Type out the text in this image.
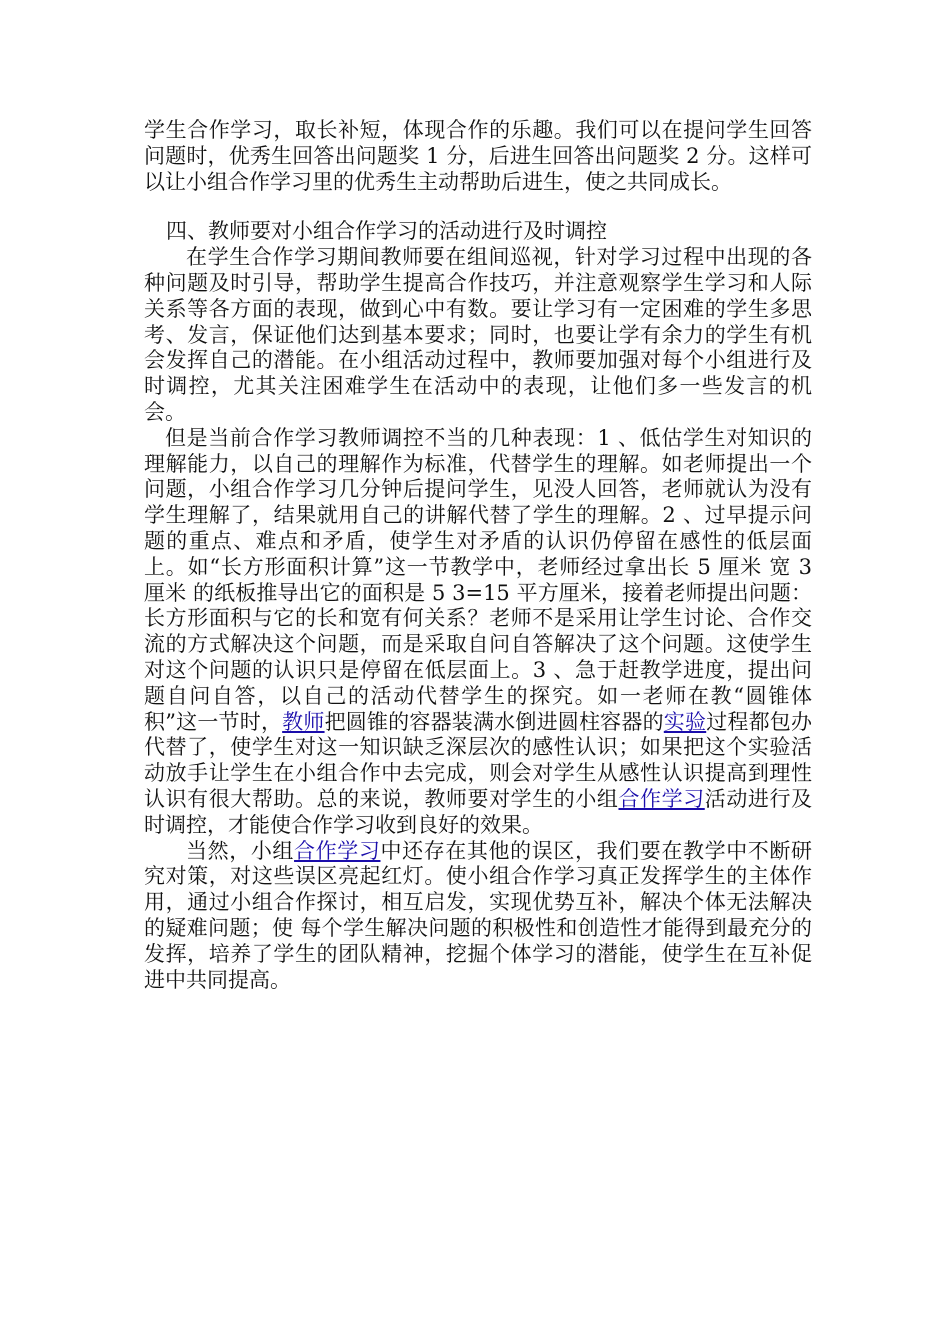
学生合作学习，取长补短，体现合作的乐趣。我们可以在提问学生回答问题时，优秀生回答出问题奖 1 分，后进生回答出问题奖 2 分。这样可以让小组合作学习里的优秀生主动帮助后进生，使之共同成长。

四、教师要对小组合作学习的活动进行及时调控

在学生合作学习期间教师要在组间巡视，针对学习过程中出现的各种问题及时引导，帮助学生提高合作技巧，并注意观察学生学习和人际关系等各方面的表现，做到心中有数。要让学习有一定困难的学生多思考、发言，保证他们达到基本要求；同时，也要让学有余力的学生有机会发挥自己的潜能。在小组活动过程中，教师要加强对每个小组进行及时调控，尤其关注困难学生在活动中的表现，让他们多一些发言的机会。

但是当前合作学习教师调控不当的几种表现：1 、低估学生对知识的理解能力，以自己的理解作为标准，代替学生的理解。如老师提出一个问题，小组合作学习几分钟后提问学生，见没人回答，老师就认为没有学生理解了，结果就用自己的讲解代替了学生的理解。2 、过早提示问题的重点、难点和矛盾，使学生对矛盾的认识仍停留在感性的低层面上。如“长方形面积计算”这一节教学中，老师经过拿出长 5 厘米 宽 3 厘米 的纸板推导出它的面积是 5 3=15 平方厘米，接着老师提出问题：长方形面积与它的长和宽有何关系？老师不是采用让学生讨论、合作交流的方式解决这个问题，而是采取自问自答解决了这个问题。这使学生对这个问题的认识只是停留在低层面上。3 、急于赶教学进度，提出问题自问自答，以自己的活动代替学生的探究。如一老师在教“圆锥体积”这一节时，教师把圆锥的容器装满水倒进圆柱容器的实验过程都包办代替了，使学生对这一知识缺乏深层次的感性认识；如果把这个实验活动放手让学生在小组合作中去完成，则会对学生从感性认识提高到理性认识有很大帮助。总的来说，教师要对学生的小组合作学习活动进行及时调控，才能使合作学习收到良好的效果。

当然，小组合作学习中还存在其他的误区，我们要在教学中不断研究对策，对这些误区亮起红灯。使小组合作学习真正发挥学生的主体作用，通过小组合作探讨，相互启发，实现优势互补，解决个体无法解决的疑难问题；使 每个学生解决问题的积极性和创造性才能得到最充分的发挥，培养了学生的团队精神，挖掘个体学习的潜能，使学生在互补促进中共同提高。
